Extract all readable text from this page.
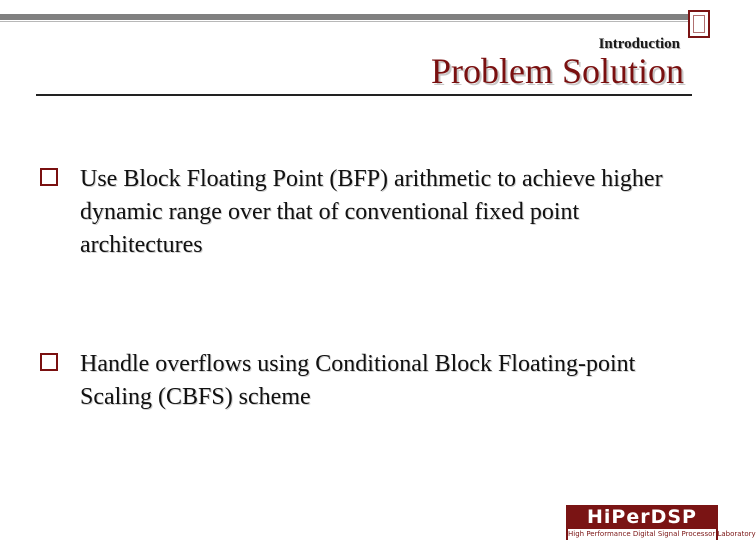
Introduction
Problem Solution
Use Block Floating Point (BFP) arithmetic to achieve higher dynamic range over that of conventional fixed point architectures
Handle overflows using Conditional Block Floating-point Scaling (CBFS) scheme
HiPerDSP
High Performance Digital Signal Processor Laboratory
